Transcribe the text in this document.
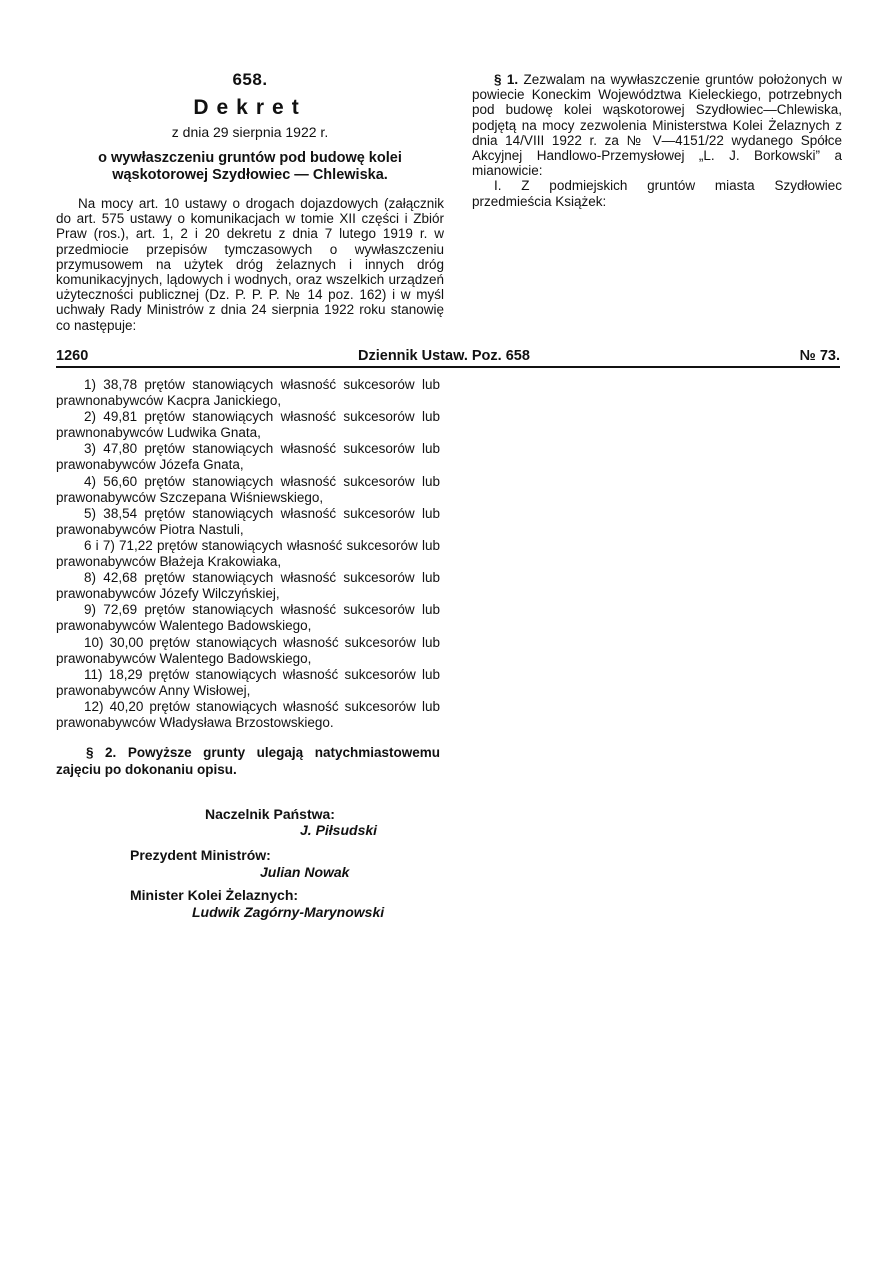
658.

Dekret

z dnia 29 sierpnia 1922 r.

o wywłaszczeniu gruntów pod budowę kolei wąskotorowej Szydłowiec — Chlewiska.

Na mocy art. 10 ustawy o drogach dojazdowych (załącznik do art. 575 ustawy o komunikacjach w tomie XII części i Zbiór Praw (ros.), art. 1, 2 i 20 dekretu z dnia 7 lutego 1919 r. w przedmiocie przepisów tymczasowych o wywłaszczeniu przymusowem na użytek dróg żelaznych i innych dróg komunikacyjnych, lądowych i wodnych, oraz wszelkich urządzeń użyteczności publicznej (Dz. P. P. P. № 14 poz. 162) i w myśl uchwały Rady Ministrów z dnia 24 sierpnia 1922 roku stanowię co następuje:

§ 1. Zezwalam na wywłaszczenie gruntów położonych w powiecie Koneckim Województwa Kieleckiego, potrzebnych pod budowę kolei wąskotorowej Szydłowiec—Chlewiska, podjętą na mocy zezwolenia Ministerstwa Kolei Żelaznych z dnia 14/VIII 1922 r. za № V—4151/22 wydanego Spółce Akcyjnej Handlowo-Przemysłowej „L. J. Borkowski” a mianowicie:

I. Z podmiejskich gruntów miasta Szydłowiec przedmieścia Książek:

1260	Dziennik Ustaw. Poz. 658	№ 73.

1) 38,78 prętów stanowiących własność sukcesorów lub prawnonabywców Kacpra Janickiego,

2) 49,81 prętów stanowiących własność sukcesorów lub prawnonabywców Ludwika Gnata,

3) 47,80 prętów stanowiących własność sukcesorów lub prawonabywców Józefa Gnata,

4) 56,60 prętów stanowiących własność sukcesorów lub prawonabywców Szczepana Wiśniewskiego,

5) 38,54 prętów stanowiących własność sukcesorów lub prawonabywców Piotra Nastuli,

6 i 7) 71,22 prętów stanowiących własność sukcesorów lub prawonabywców Błażeja Krakowiaka,

8) 42,68 prętów stanowiących własność sukcesorów lub prawonabywców Józefy Wilczyńskiej,

9) 72,69 prętów stanowiących własność sukcesorów lub prawonabywców Walentego Badowskiego,

10) 30,00 prętów stanowiących własność sukcesorów lub prawonabywców Walentego Badowskiego,

11) 18,29 prętów stanowiących własność sukcesorów lub prawonabywców Anny Wisłowej,

12) 40,20 prętów stanowiących własność sukcesorów lub prawonabywców Władysława Brzostowskiego.

§ 2. Powyższe grunty ulegają natychmiastowemu zajęciu po dokonaniu opisu.

Naczelnik Państwa:

J. Piłsudski

Prezydent Ministrów:

Julian Nowak

Minister Kolei Żelaznych:

Ludwik Zagórny-Marynowski
